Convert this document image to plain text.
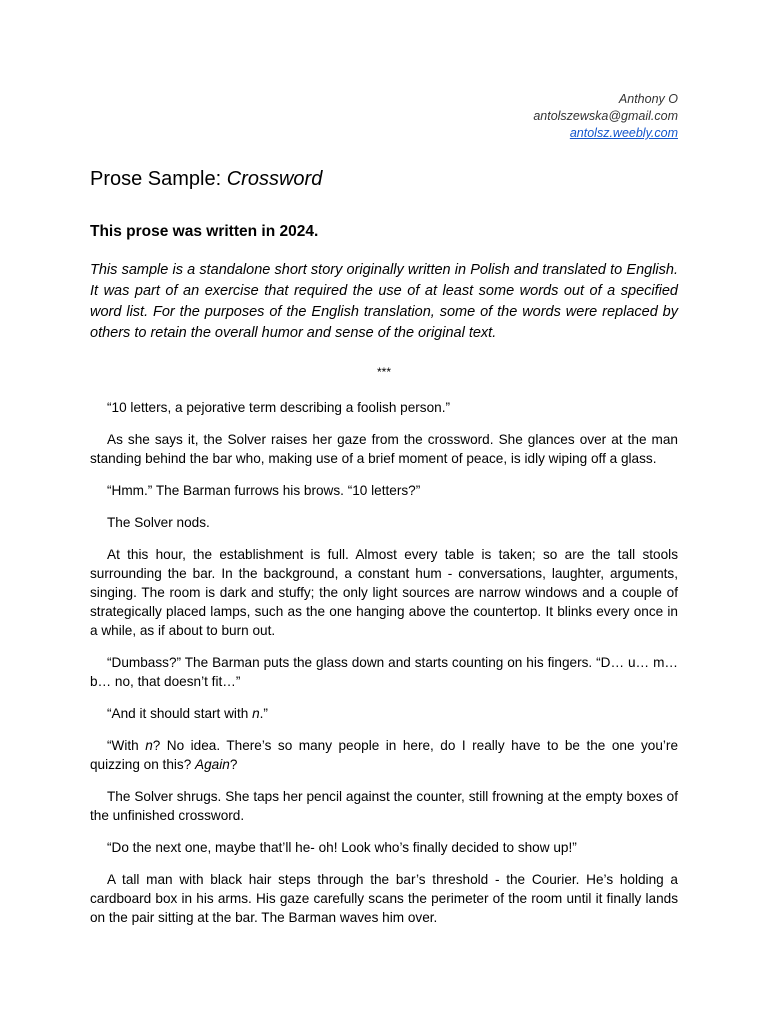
Anthony O
antolszewska@gmail.com
antolsz.weebly.com
Prose Sample: Crossword
This prose was written in 2024.

This sample is a standalone short story originally written in Polish and translated to English. It was part of an exercise that required the use of at least some words out of a specified word list. For the purposes of the English translation, some of the words were replaced by others to retain the overall humor and sense of the original text.

***

“10 letters, a pejorative term describing a foolish person.”

As she says it, the Solver raises her gaze from the crossword. She glances over at the man standing behind the bar who, making use of a brief moment of peace, is idly wiping off a glass.

“Hmm.” The Barman furrows his brows. “10 letters?”

The Solver nods.

At this hour, the establishment is full. Almost every table is taken; so are the tall stools surrounding the bar. In the background, a constant hum - conversations, laughter, arguments, singing. The room is dark and stuffy; the only light sources are narrow windows and a couple of strategically placed lamps, such as the one hanging above the countertop. It blinks every once in a while, as if about to burn out.

“Dumbass?” The Barman puts the glass down and starts counting on his fingers. “D… u… m… b… no, that doesn’t fit…”

“And it should start with n.”

“With n? No idea. There’s so many people in here, do I really have to be the one you’re quizzing on this? Again?

The Solver shrugs. She taps her pencil against the counter, still frowning at the empty boxes of the unfinished crossword.

“Do the next one, maybe that’ll he- oh! Look who’s finally decided to show up!”

A tall man with black hair steps through the bar’s threshold - the Courier. He’s holding a cardboard box in his arms. His gaze carefully scans the perimeter of the room until it finally lands on the pair sitting at the bar. The Barman waves him over.
